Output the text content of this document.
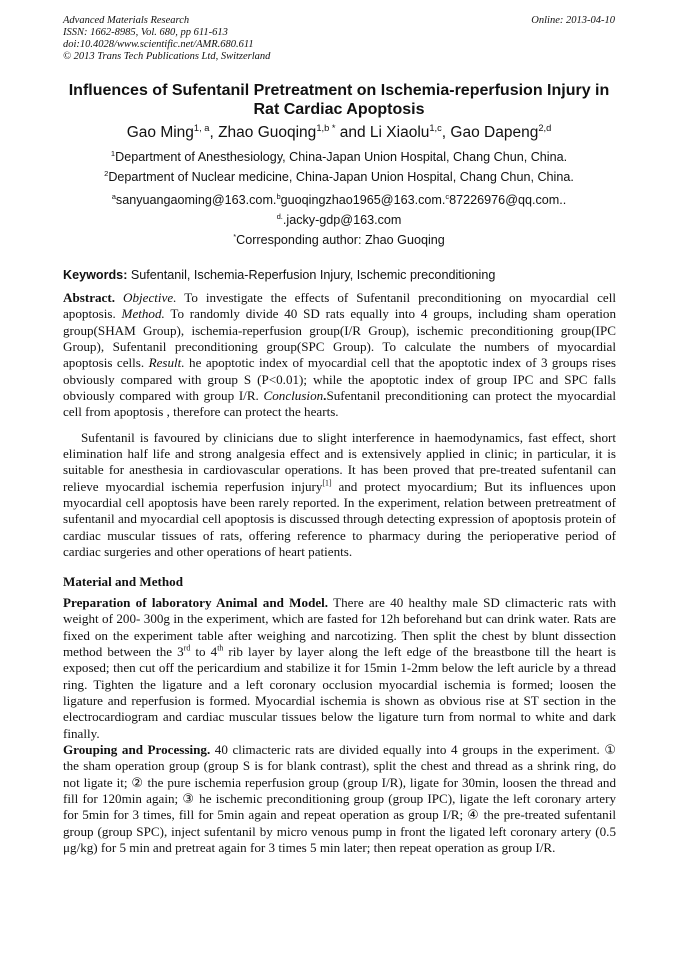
Advanced Materials Research
ISSN: 1662-8985, Vol. 680, pp 611-613
doi:10.4028/www.scientific.net/AMR.680.611
© 2013 Trans Tech Publications Ltd, Switzerland
Online: 2013-04-10
Influences of Sufentanil Pretreatment on Ischemia-reperfusion Injury in
Rat Cardiac Apoptosis
Gao Ming$^{1, a}$, Zhao Guoqing$^{1,b *}$ and Li Xiaolu$^{1,c}$, Gao Dapeng$^{2,d}$
$^1$Department of Anesthesiology, China-Japan Union Hospital, Chang Chun, China.
$^2$Department of Nuclear medicine, China-Japan Union Hospital, Chang Chun, China.
$^a$sanyuangaoming@163.com.$^b$guoqingzhao1965@163.com.$^c$87226976@qq.com..
$^{d.}$.jacky-gdp@163.com
*Corresponding author: Zhao Guoqing
Keywords: Sufentanil, Ischemia-Reperfusion Injury, Ischemic preconditioning
Abstract. Objective. To investigate the effects of Sufentanil preconditioning on myocardial cell apoptosis. Method. To randomly divide 40 SD rats equally into 4 groups, including sham operation group(SHAM Group), ischemia-reperfusion group(I/R Group), ischemic preconditioning group(IPC Group), Sufentanil preconditioning group(SPC Group). To calculate the numbers of myocardial apoptosis cells. Result. he apoptotic index of myocardial cell that the apoptotic index of 3 groups rises obviously compared with group S (P<0.01); while the apoptotic index of group IPC and SPC falls obviously compared with group I/R. Conclusion.Sufentanil preconditioning can protect the myocardial cell from apoptosis , therefore can protect the hearts.
Sufentanil is favoured by clinicians due to slight interference in haemodynamics, fast effect, short elimination half life and strong analgesia effect and is extensively applied in clinic; in particular, it is suitable for anesthesia in cardiovascular operations. It has been proved that pre-treated sufentanil can relieve myocardial ischemia reperfusion injury[1] and protect myocardium; But its influences upon myocardial cell apoptosis have been rarely reported. In the experiment, relation between pretreatment of sufentanil and myocardial cell apoptosis is discussed through detecting expression of apoptosis protein of cardiac muscular tissues of rats, offering reference to pharmacy during the perioperative period of cardiac surgeries and other operations of heart patients.
Material and Method
Preparation of laboratory Animal and Model. There are 40 healthy male SD climacteric rats with weight of 200- 300g in the experiment, which are fasted for 12h beforehand but can drink water. Rats are fixed on the experiment table after weighing and narcotizing. Then split the chest by blunt dissection method between the 3rd to 4th rib layer by layer along the left edge of the breastbone till the heart is exposed; then cut off the pericardium and stabilize it for 15min 1-2mm below the left auricle by a thread ring. Tighten the ligature and a left coronary occlusion myocardial ischemia is formed; loosen the ligature and reperfusion is formed. Myocardial ischemia is shown as obvious rise at ST section in the electrocardiogram and cardiac muscular tissues below the ligature turn from normal to white and dark finally.
Grouping and Processing. 40 climacteric rats are divided equally into 4 groups in the experiment. ① the sham operation group (group S is for blank contrast), split the chest and thread as a shrink ring, do not ligate it; ② the pure ischemia reperfusion group (group I/R), ligate for 30min, loosen the thread and fill for 120min again; ③ he ischemic preconditioning group (group IPC), ligate the left coronary artery for 5min for 3 times, fill for 5min again and repeat operation as group I/R; ④ the pre-treated sufentanil group (group SPC), inject sufentanil by micro venous pump in front the ligated left coronary artery (0.5 μg/kg) for 5 min and pretreat again for 3 times 5 min later; then repeat operation as group I/R.
